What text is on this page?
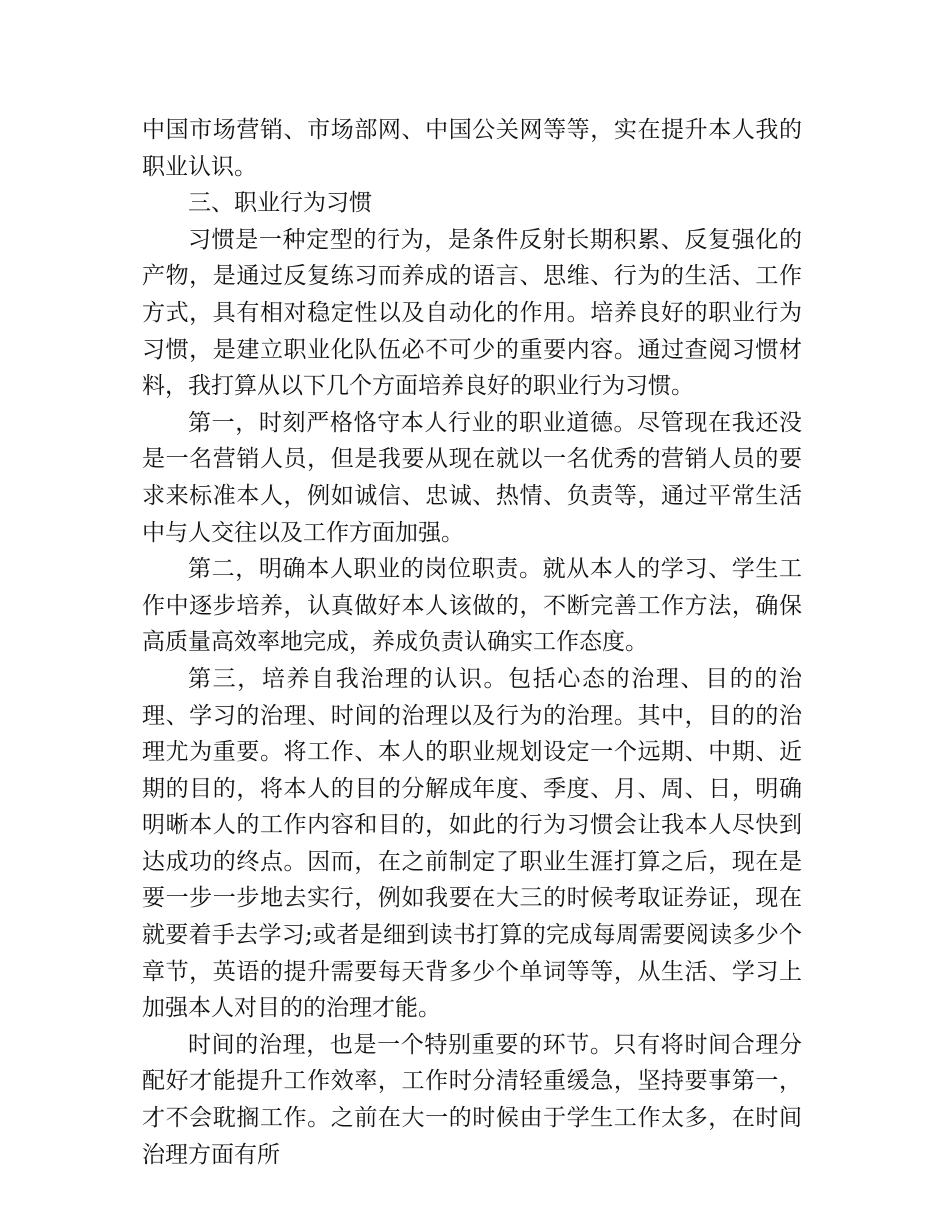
中国市场营销、市场部网、中国公关网等等，实在提升本人我的职业认识。

三、职业行为习惯

习惯是一种定型的行为，是条件反射长期积累、反复强化的产物，是通过反复练习而养成的语言、思维、行为的生活、工作方式，具有相对稳定性以及自动化的作用。培养良好的职业行为习惯，是建立职业化队伍必不可少的重要内容。通过查阅习惯材料，我打算从以下几个方面培养良好的职业行为习惯。

第一，时刻严格恪守本人行业的职业道德。尽管现在我还没是一名营销人员，但是我要从现在就以一名优秀的营销人员的要求来标准本人，例如诚信、忠诚、热情、负责等，通过平常生活中与人交往以及工作方面加强。

第二，明确本人职业的岗位职责。就从本人的学习、学生工作中逐步培养，认真做好本人该做的，不断完善工作方法，确保高质量高效率地完成，养成负责认确实工作态度。

第三，培养自我治理的认识。包括心态的治理、目的的治理、学习的治理、时间的治理以及行为的治理。其中，目的的治理尤为重要。将工作、本人的职业规划设定一个远期、中期、近期的目的，将本人的目的分解成年度、季度、月、周、日，明确明晰本人的工作内容和目的，如此的行为习惯会让我本人尽快到达成功的终点。因而，在之前制定了职业生涯打算之后，现在是要一步一步地去实行，例如我要在大三的时候考取证券证，现在就要着手去学习;或者是细到读书打算的完成每周需要阅读多少个章节，英语的提升需要每天背多少个单词等等，从生活、学习上加强本人对目的的治理才能。

时间的治理，也是一个特别重要的环节。只有将时间合理分配好才能提升工作效率，工作时分清轻重缓急，坚持要事第一，才不会耽搁工作。之前在大一的时候由于学生工作太多，在时间治理方面有所
